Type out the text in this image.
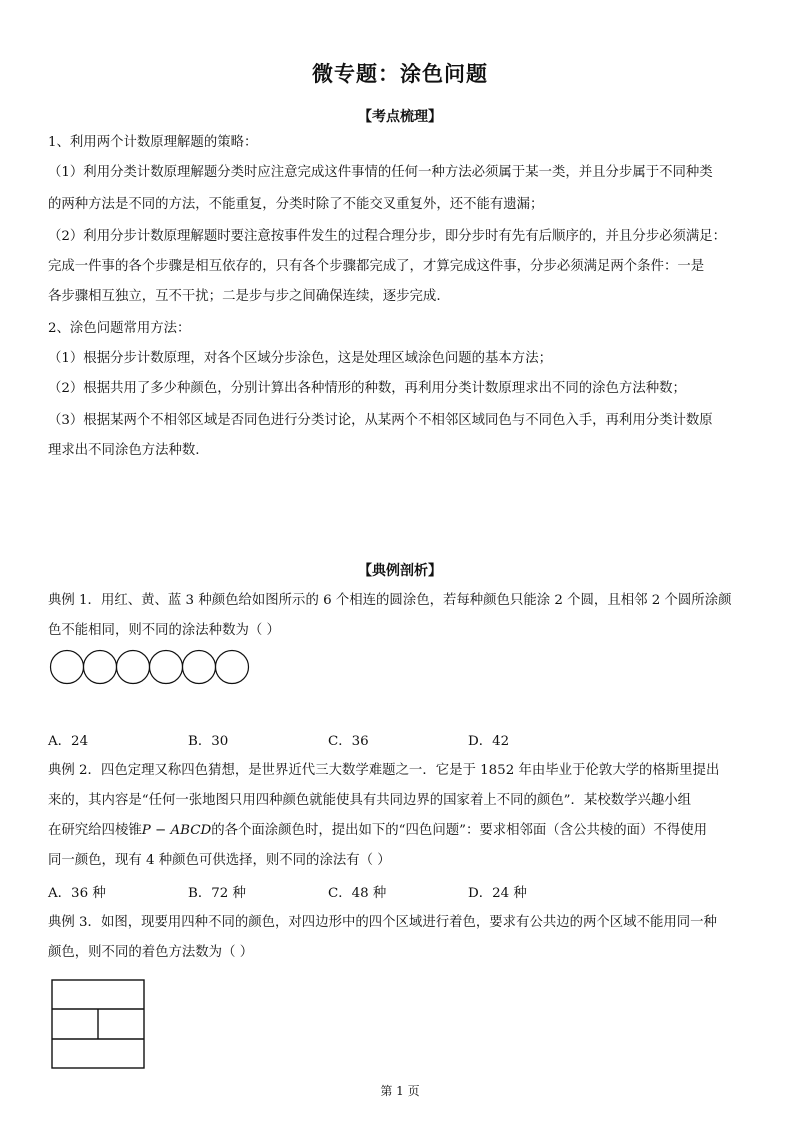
微专题：涂色问题
【考点梳理】
1、利用两个计数原理解题的策略：
（1）利用分类计数原理解题分类时应注意完成这件事情的任何一种方法必须属于某一类，并且分步属于不同种类
的两种方法是不同的方法，不能重复，分类时除了不能交叉重复外，还不能有遗漏；
（2）利用分步计数原理解题时要注意按事件发生的过程合理分步，即分步时有先有后顺序的，并且分步必须满足：
完成一件事的各个步骤是相互依存的，只有各个步骤都完成了，才算完成这件事，分步必须满足两个条件：一是
各步骤相互独立，互不干扰；二是步与步之间确保连续，逐步完成.
2、涂色问题常用方法：
（1）根据分步计数原理，对各个区域分步涂色，这是处理区域涂色问题的基本方法；
（2）根据共用了多少种颜色，分别计算出各种情形的种数，再利用分类计数原理求出不同的涂色方法种数；
（3）根据某两个不相邻区域是否同色进行分类讨论，从某两个不相邻区域同色与不同色入手，再利用分类计数原
理求出不同涂色方法种数.
【典例剖析】
典例 1．用红、黄、蓝 3 种颜色给如图所示的 6 个相连的圆涂色，若每种颜色只能涂 2 个圆，且相邻 2 个圆所涂颜
色不能相同，则不同的涂法种数为（ ）
A．24	B．30	C．36	D．42
典例 2．四色定理又称四色猜想，是世界近代三大数学难题之一．它是于 1852 年由毕业于伦敦大学的格斯里提出
来的，其内容是“任何一张地图只用四种颜色就能使具有共同边界的国家着上不同的颜色”．某校数学兴趣小组
在研究给四棱锥P − ABCD的各个面涂颜色时，提出如下的“四色问题”：要求相邻面（含公共棱的面）不得使用
同一颜色，现有 4 种颜色可供选择，则不同的涂法有（ ）
A．36 种	B．72 种	C．48 种	D．24 种
典例 3．如图，现要用四种不同的颜色，对四边形中的四个区域进行着色，要求有公共边的两个区域不能用同一种
颜色，则不同的着色方法数为（ ）
第 1 页
